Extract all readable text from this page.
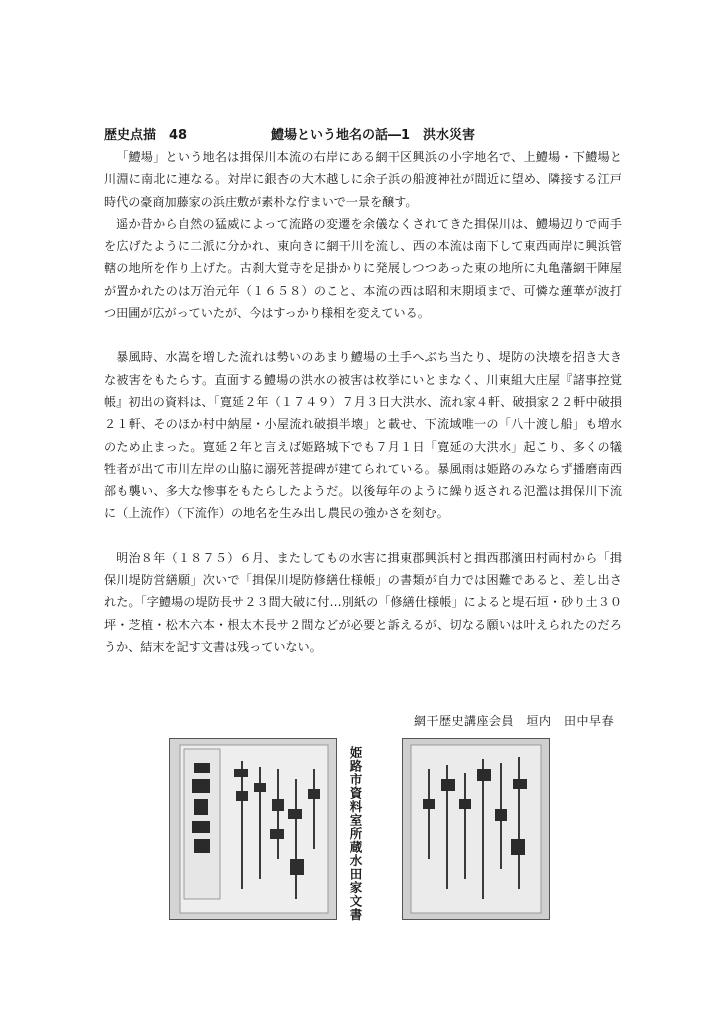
歴史点描　48	鱧場という地名の話―1　洪水災害

「鱧場」という地名は揖保川本流の右岸にある網干区興浜の小字地名で、上鱧場・下鱧場と川淵に南北に連なる。対岸に銀杏の大木越しに余子浜の船渡神社が間近に望め、隣接する江戸時代の豪商加藤家の浜庄敷が素朴な佇まいで一景を醸す。

遥か昔から自然の猛威によって流路の変遷を余儀なくされてきた揖保川は、鱧場辺りで両手を広げたように二派に分かれ、東向きに網干川を流し、西の本流は南下して東西両岸に興浜管轄の地所を作り上げた。古刹大覚寺を足掛かりに発展しつつあった東の地所に丸亀藩網干陣屋が置かれたのは万治元年（１６５８）のこと、本流の西は昭和末期頃まで、可憐な蓮華が波打つ田圃が広がっていたが、今はすっかり様相を変えている。

暴風時、水嵩を増した流れは勢いのあまり鱧場の土手へぶち当たり、堤防の決壊を招き大きな被害をもたらす。直面する鱧場の洪水の被害は枚挙にいとまなく、川東組大庄屋『諸事控覚帳』初出の資料は、「寛延２年（１７４９）７月３日大洪水、流れ家４軒、破損家２２軒中破損２１軒、そのほか村中納屋・小屋流れ破損半壊」と載せ、下流域唯一の「八十渡し船」も増水のため止まった。寛延２年と言えば姫路城下でも７月１日「寛延の大洪水」起こり、多くの犠牲者が出て市川左岸の山脇に溺死菩提碑が建てられている。暴風雨は姫路のみならず播磨南西部も襲い、多大な惨事をもたらしたようだ。以後毎年のように繰り返される氾濫は揖保川下流に（上流作）（下流作）の地名を生み出し農民の強かさを刻む。

明治８年（１８７５）６月、またしてもの水害に揖東郡興浜村と揖西郡濱田村両村から「揖保川堤防営繕願」次いで「揖保川堤防修繕仕様帳」の書類が自力では困難であると、差し出された。「字鱧場の堤防長サ２３間大破に付…別紙の「修繕仕様帳」によると堤石垣・砂り土３０坪・芝植・松木六本・根太木長サ２間などが必要と訴えるが、切なる願いは叶えられたのだろうか、結末を記す文書は残っていない。

網干歴史講座会員　垣内　田中早春
姫路市資料室所蔵水田家文書
